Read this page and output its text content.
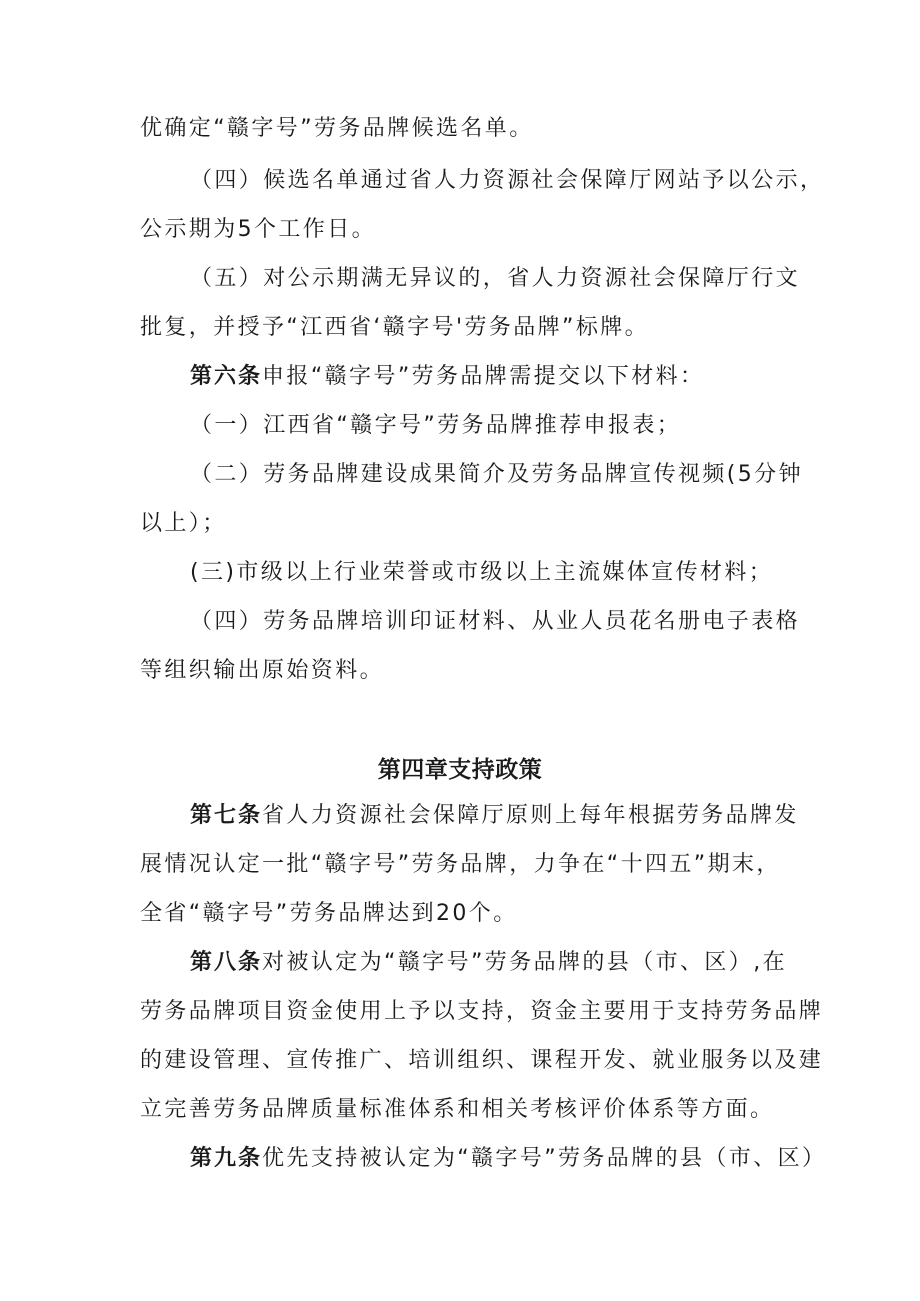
优确定“赣字号”劳务品牌候选名单。
（四）候选名单通过省人力资源社会保障厅网站予以公示，
公示期为5个工作日。
（五）对公示期满无异议的，省人力资源社会保障厅行文
批复，并授予“江西省‘赣字号'劳务品牌”标牌。
第六条申报“赣字号”劳务品牌需提交以下材料：
（一）江西省“赣字号”劳务品牌推荐申报表；
（二）劳务品牌建设成果简介及劳务品牌宣传视频(5分钟
以上）；
(三)市级以上行业荣誉或市级以上主流媒体宣传材料；
（四）劳务品牌培训印证材料、从业人员花名册电子表格
等组织输出原始资料。
第四章支持政策
第七条省人力资源社会保障厅原则上每年根据劳务品牌发
展情况认定一批“赣字号”劳务品牌，力争在“十四五”期末，
全省“赣字号”劳务品牌达到20个。
第八条对被认定为“赣字号”劳务品牌的县（市、区）,在
劳务品牌项目资金使用上予以支持，资金主要用于支持劳务品牌
的建设管理、宣传推广、培训组织、课程开发、就业服务以及建
立完善劳务品牌质量标准体系和相关考核评价体系等方面。
第九条优先支持被认定为“赣字号”劳务品牌的县（市、区）
